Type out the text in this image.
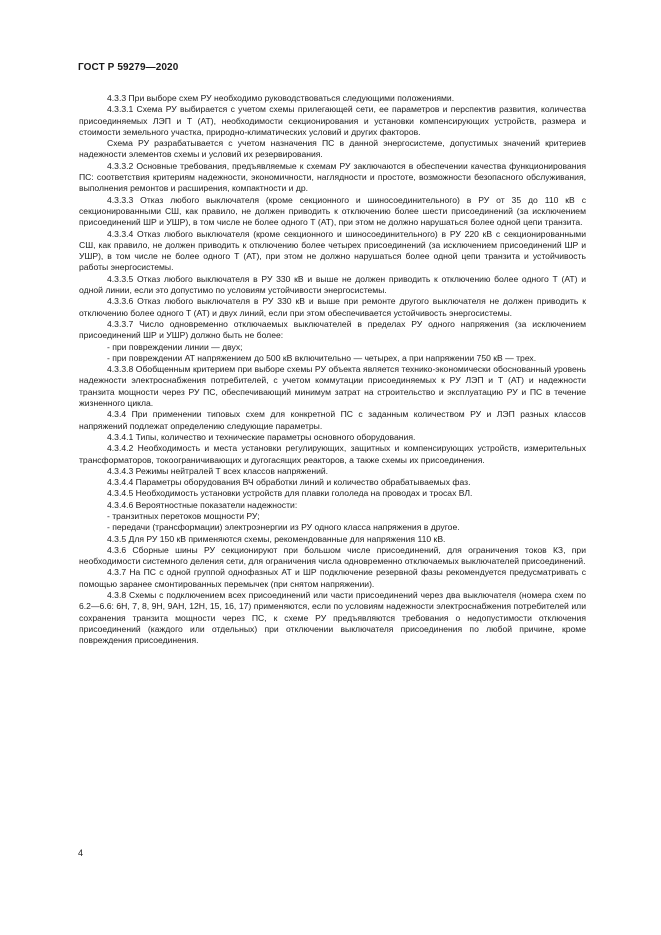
ГОСТ Р 59279—2020

4.3.3 При выборе схем РУ необходимо руководствоваться следующими положениями.

4.3.3.1 Схема РУ выбирается с учетом схемы прилегающей сети, ее параметров и перспектив развития, количества присоединяемых ЛЭП и Т (АТ), необходимости секционирования и установки компенсирующих устройств, размера и стоимости земельного участка, природно-климатических условий и других факторов.

Схема РУ разрабатывается с учетом назначения ПС в данной энергосистеме, допустимых значений критериев надежности элементов схемы и условий их резервирования.

4.3.3.2 Основные требования, предъявляемые к схемам РУ заключаются в обеспечении качества функционирования ПС: соответствия критериям надежности, экономичности, наглядности и простоте, возможности безопасного обслуживания, выполнения ремонтов и расширения, компактности и др.

4.3.3.3 Отказ любого выключателя (кроме секционного и шиносоединительного) в РУ от 35 до 110 кВ с секционированными СШ, как правило, не должен приводить к отключению более шести присоединений (за исключением присоединений ШР и УШР), в том числе не более одного Т (АТ), при этом не должно нарушаться более одной цепи транзита.

4.3.3.4 Отказ любого выключателя (кроме секционного и шиносоединительного) в РУ 220 кВ с секционированными СШ, как правило, не должен приводить к отключению более четырех присоединений (за исключением присоединений ШР и УШР), в том числе не более одного Т (АТ), при этом не должно нарушаться более одной цепи транзита и устойчивость работы энергосистемы.

4.3.3.5 Отказ любого выключателя в РУ 330 кВ и выше не должен приводить к отключению более одного Т (АТ) и одной линии, если это допустимо по условиям устойчивости энергосистемы.

4.3.3.6 Отказ любого выключателя в РУ 330 кВ и выше при ремонте другого выключателя не должен приводить к отключению более одного Т (АТ) и двух линий, если при этом обеспечивается устойчивость энергосистемы.

4.3.3.7 Число одновременно отключаемых выключателей в пределах РУ одного напряжения (за исключением присоединений ШР и УШР) должно быть не более:

- при повреждении линии — двух;

- при повреждении АТ напряжением до 500 кВ включительно — четырех, а при напряжении 750 кВ — трех.

4.3.3.8 Обобщенным критерием при выборе схемы РУ объекта является технико-экономически обоснованный уровень надежности электроснабжения потребителей, с учетом коммутации присоединяемых к РУ ЛЭП и Т (АТ) и надежности транзита мощности через РУ ПС, обеспечивающий минимум затрат на строительство и эксплуатацию РУ и ПС в течение жизненного цикла.

4.3.4 При применении типовых схем для конкретной ПС с заданным количеством РУ и ЛЭП разных классов напряжений подлежат определению следующие параметры.

4.3.4.1 Типы, количество и технические параметры основного оборудования.

4.3.4.2 Необходимость и места установки регулирующих, защитных и компенсирующих устройств, измерительных трансформаторов, токоограничивающих и дугогасящих реакторов, а также схемы их присоединения.

4.3.4.3 Режимы нейтралей Т всех классов напряжений.

4.3.4.4 Параметры оборудования ВЧ обработки линий и количество обрабатываемых фаз.

4.3.4.5 Необходимость установки устройств для плавки гололеда на проводах и тросах ВЛ.

4.3.4.6 Вероятностные показатели надежности:

- транзитных перетоков мощности РУ;

- передачи (трансформации) электроэнергии из РУ одного класса напряжения в другое.

4.3.5 Для РУ 150 кВ применяются схемы, рекомендованные для напряжения 110 кВ.

4.3.6 Сборные шины РУ секционируют при большом числе присоединений, для ограничения токов КЗ, при необходимости системного деления сети, для ограничения числа одновременно отключаемых выключателей присоединений.

4.3.7 На ПС с одной группой однофазных АТ и ШР подключение резервной фазы рекомендуется предусматривать с помощью заранее смонтированных перемычек (при снятом напряжении).

4.3.8 Схемы с подключением всех присоединений или части присоединений через два выключателя (номера схем по 6.2—6.6: 6Н, 7, 8, 9Н, 9АН, 12Н, 15, 16, 17) применяются, если по условиям надежности электроснабжения потребителей или сохранения транзита мощности через ПС, к схеме РУ предъявляются требования о недопустимости отключения присоединений (каждого или отдельных) при отключении выключателя присоединения по любой причине, кроме повреждения присоединения.

4
